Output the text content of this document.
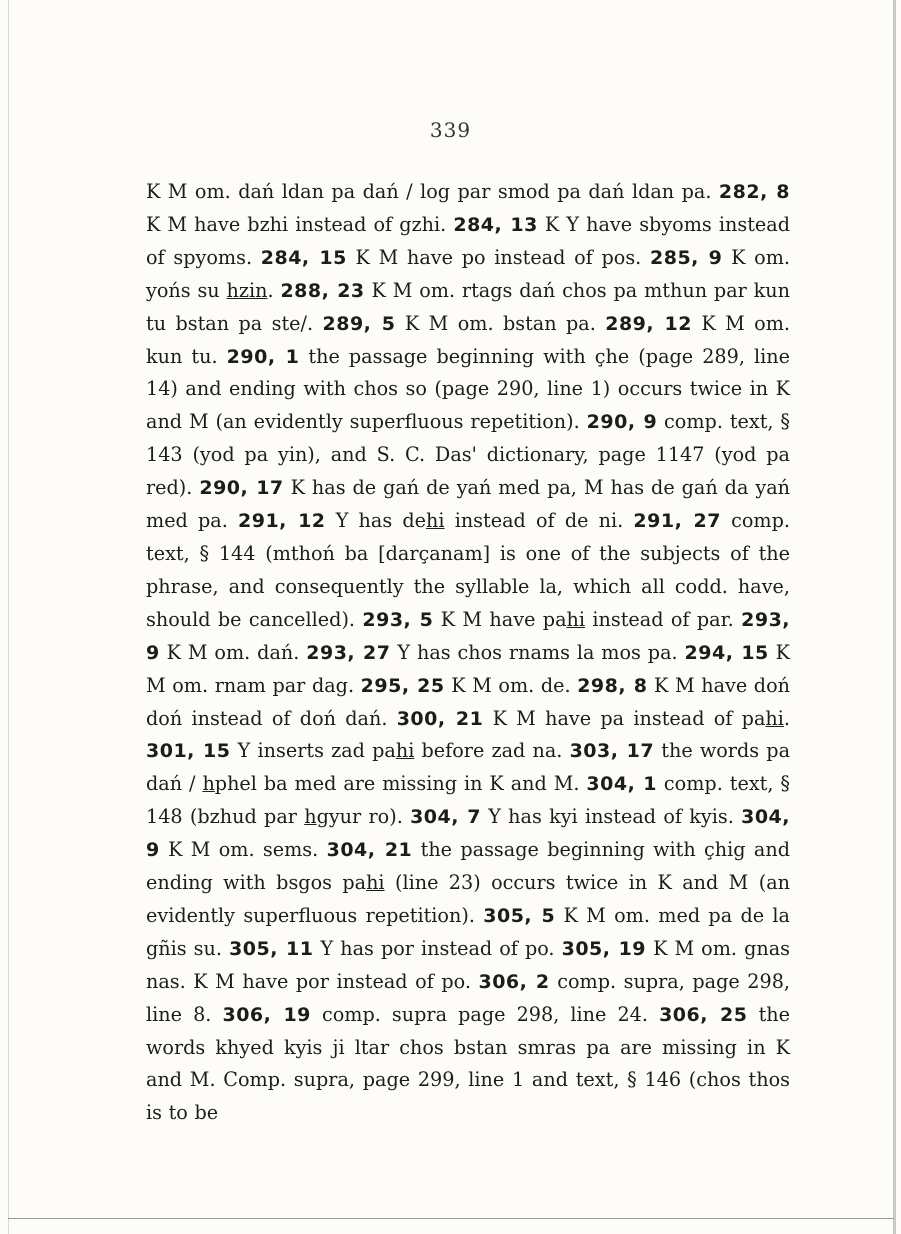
339

K M om. dań ldan pa dań / log par smod pa dań ldan pa. 282, 8 K M have bzhi instead of gzhi. 284, 13 K Y have sbyoms instead of spyoms. 284, 15 K M have po instead of pos. 285, 9 K om. yońs su hzin. 288, 23 K M om. rtags dań chos pa mthun par kun tu bstan pa ste/. 289, 5 K M om. bstan pa. 289, 12 K M om. kun tu. 290, 1 the passage beginning with çhe (page 289, line 14) and ending with chos so (page 290, line 1) occurs twice in K and M (an evidently superfluous repetition). 290, 9 comp. text, § 143 (yod pa yin), and S. C. Das' dictionary, page 1147 (yod pa red). 290, 17 K has de gań de yań med pa, M has de gań da yań med pa. 291, 12 Y has dehi instead of de ni. 291, 27 comp. text, § 144 (mthoń ba [darçanam] is one of the subjects of the phrase, and consequently the syllable la, which all codd. have, should be cancelled). 293, 5 K M have pahi instead of par. 293, 9 K M om. dań. 293, 27 Y has chos rnams la mos pa. 294, 15 K M om. rnam par dag. 295, 25 K M om. de. 298, 8 K M have doń doń instead of doń dań. 300, 21 K M have pa instead of pahi. 301, 15 Y inserts zad pahi before zad na. 303, 17 the words pa dań / hphel ba med are missing in K and M. 304, 1 comp. text, § 148 (bzhud par hgyur ro). 304, 7 Y has kyi instead of kyis. 304, 9 K M om. sems. 304, 21 the passage beginning with çhig and ending with bsgos pahi (line 23) occurs twice in K and M (an evidently superfluous repetition). 305, 5 K M om. med pa de la gñis su. 305, 11 Y has por instead of po. 305, 19 K M om. gnas nas. K M have por instead of po. 306, 2 comp. supra, page 298, line 8. 306, 19 comp. supra page 298, line 24. 306, 25 the words khyed kyis ji ltar chos bstan smras pa are missing in K and M. Comp. supra, page 299, line 1 and text, § 146 (chos thos is to be
